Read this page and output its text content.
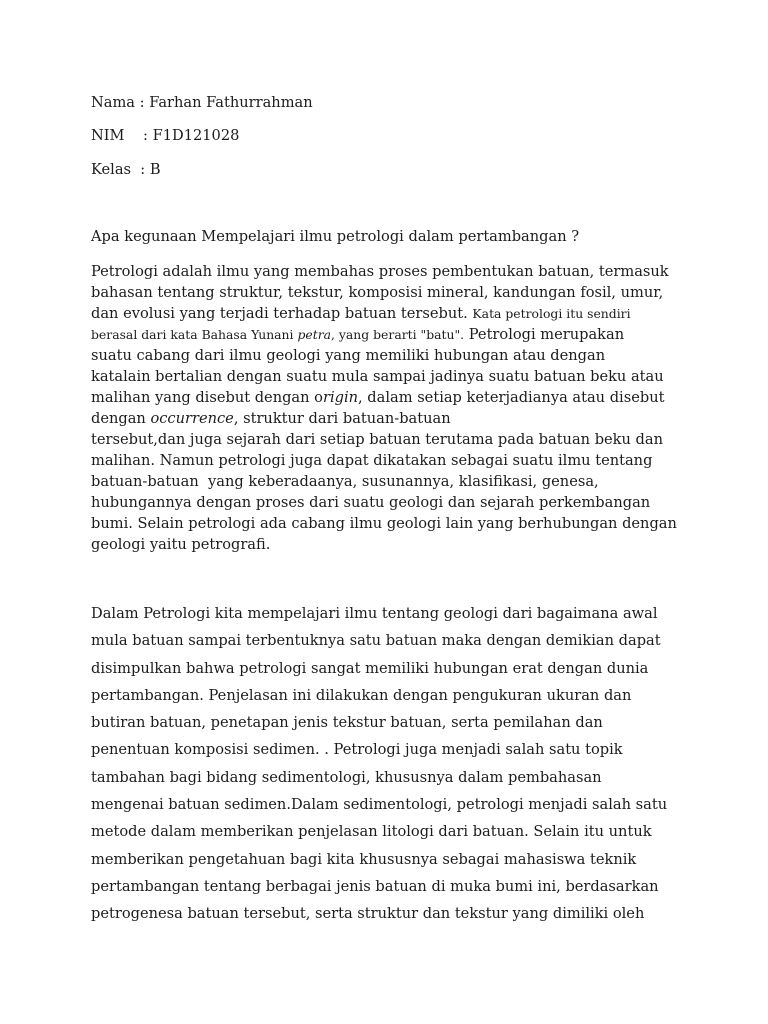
Nama : Farhan Fathurrahman
NIM    : F1D121028
Kelas  : B
Apa kegunaan Mempelajari ilmu petrologi dalam pertambangan ?
Petrologi adalah ilmu yang membahas proses pembentukan batuan, termasuk
bahasan tentang struktur, tekstur, komposisi mineral, kandungan fosil, umur,
dan evolusi yang terjadi terhadap batuan tersebut. Kata petrologi itu sendiri
berasal dari kata Bahasa Yunani petra, yang berarti "batu". Petrologi merupakan
suatu cabang dari ilmu geologi yang memiliki hubungan atau dengan
katalain bertalian dengan suatu mula sampai jadinya suatu batuan beku atau
malihan yang disebut dengan origin, dalam setiap keterjadianya atau disebut
dengan occurrence, struktur dari batuan-batuan
tersebut,dan juga sejarah dari setiap batuan terutama pada batuan beku dan
malihan. Namun petrologi juga dapat dikatakan sebagai suatu ilmu tentang
batuan-batuan  yang keberadaanya, susunannya, klasifikasi, genesa,
hubungannya dengan proses dari suatu geologi dan sejarah perkembangan
bumi. Selain petrologi ada cabang ilmu geologi lain yang berhubungan dengan
geologi yaitu petrografi.
Dalam Petrologi kita mempelajari ilmu tentang geologi dari bagaimana awal
mula batuan sampai terbentuknya satu batuan maka dengan demikian dapat
disimpulkan bahwa petrologi sangat memiliki hubungan erat dengan dunia
pertambangan. Penjelasan ini dilakukan dengan pengukuran ukuran dan
butiran batuan, penetapan jenis tekstur batuan, serta pemilahan dan
penentuan komposisi sedimen. . Petrologi juga menjadi salah satu topik
tambahan bagi bidang sedimentologi, khususnya dalam pembahasan
mengenai batuan sedimen.Dalam sedimentologi, petrologi menjadi salah satu
metode dalam memberikan penjelasan litologi dari batuan. Selain itu untuk
memberikan pengetahuan bagi kita khususnya sebagai mahasiswa teknik
pertambangan tentang berbagai jenis batuan di muka bumi ini, berdasarkan
petrogenesa batuan tersebut, serta struktur dan tekstur yang dimiliki oleh
